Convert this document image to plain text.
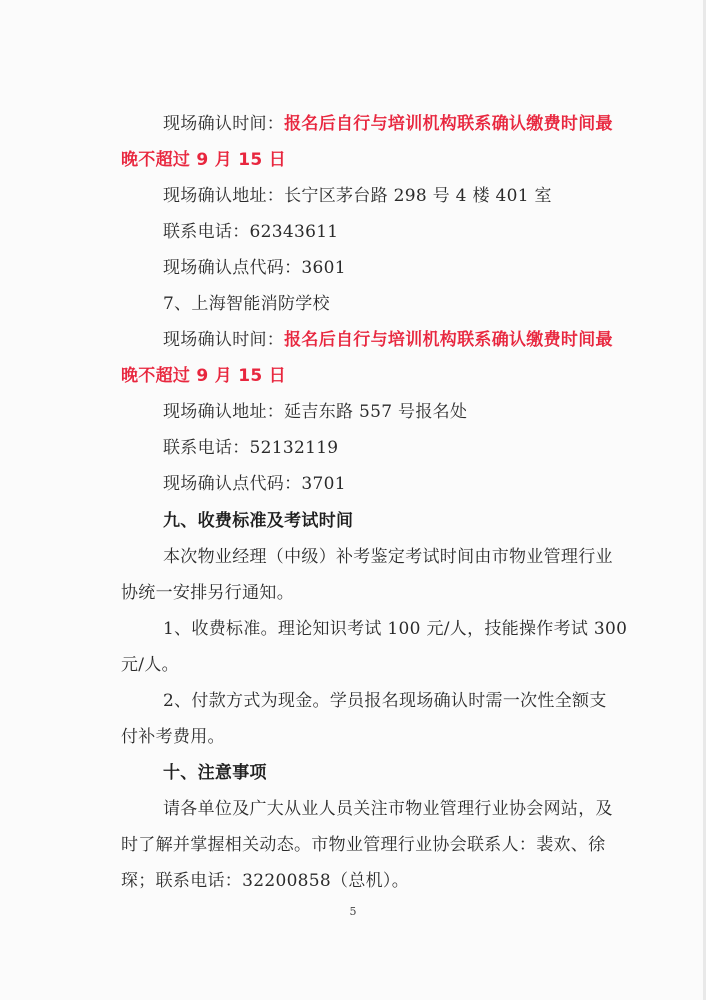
现场确认时间：报名后自行与培训机构联系确认缴费时间最
晚不超过 9 月 15 日
现场确认地址：长宁区茅台路 298 号 4 楼 401 室
联系电话：62343611
现场确认点代码：3601
7、上海智能消防学校
现场确认时间：报名后自行与培训机构联系确认缴费时间最
晚不超过 9 月 15 日
现场确认地址：延吉东路 557 号报名处
联系电话：52132119
现场确认点代码：3701
九、收费标准及考试时间
本次物业经理（中级）补考鉴定考试时间由市物业管理行业
协统一安排另行通知。
1、收费标准。理论知识考试 100 元/人，技能操作考试 300
元/人。
2、付款方式为现金。学员报名现场确认时需一次性全额支
付补考费用。
十、注意事项
请各单位及广大从业人员关注市物业管理行业协会网站，及
时了解并掌握相关动态。市物业管理行业协会联系人：裴欢、徐
琛；联系电话：32200858（总机）。
5
